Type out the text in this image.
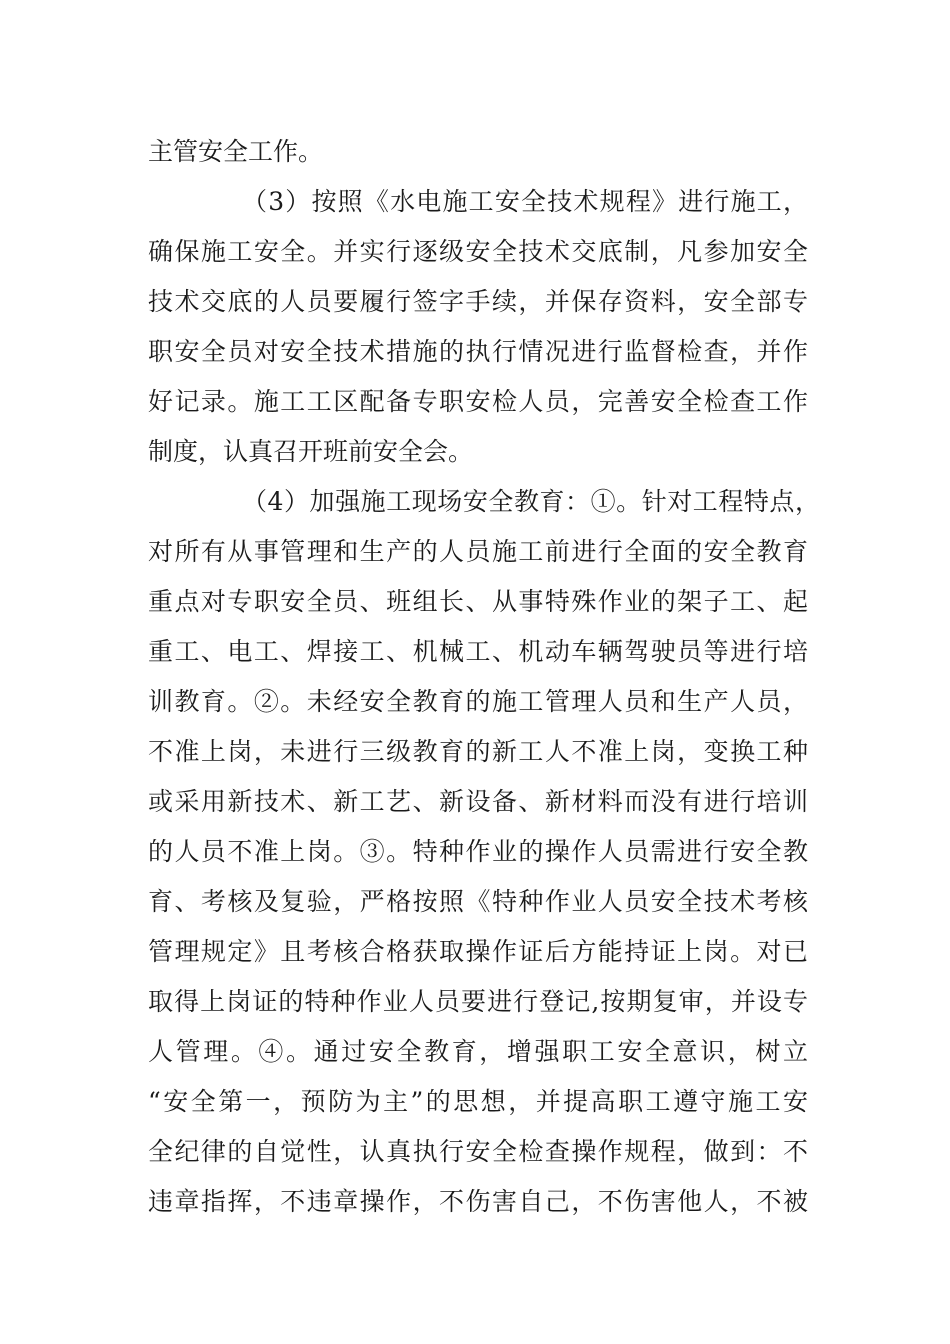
主管安全工作。
（3）按照《水电施工安全技术规程》进行施工，
确保施工安全。并实行逐级安全技术交底制，凡参加安全
技术交底的人员要履行签字手续，并保存资料，安全部专
职安全员对安全技术措施的执行情况进行监督检查，并作
好记录。施工工区配备专职安检人员，完善安全检查工作
制度，认真召开班前安全会。
（4）加强施工现场安全教育：①。针对工程特点，
对所有从事管理和生产的人员施工前进行全面的安全教育
重点对专职安全员、班组长、从事特殊作业的架子工、起
重工、电工、焊接工、机械工、机动车辆驾驶员等进行培
训教育。②。未经安全教育的施工管理人员和生产人员，
不准上岗，未进行三级教育的新工人不准上岗，变换工种
或采用新技术、新工艺、新设备、新材料而没有进行培训
的人员不准上岗。③。特种作业的操作人员需进行安全教
育、考核及复验，严格按照《特种作业人员安全技术考核
管理规定》且考核合格获取操作证后方能持证上岗。对已
取得上岗证的特种作业人员要进行登记,按期复审，并设专
人管理。④。通过安全教育，增强职工安全意识，树立
“安全第一，预防为主”的思想，并提高职工遵守施工安
全纪律的自觉性，认真执行安全检查操作规程，做到：不
违章指挥，不违章操作，不伤害自己，不伤害他人，不被
